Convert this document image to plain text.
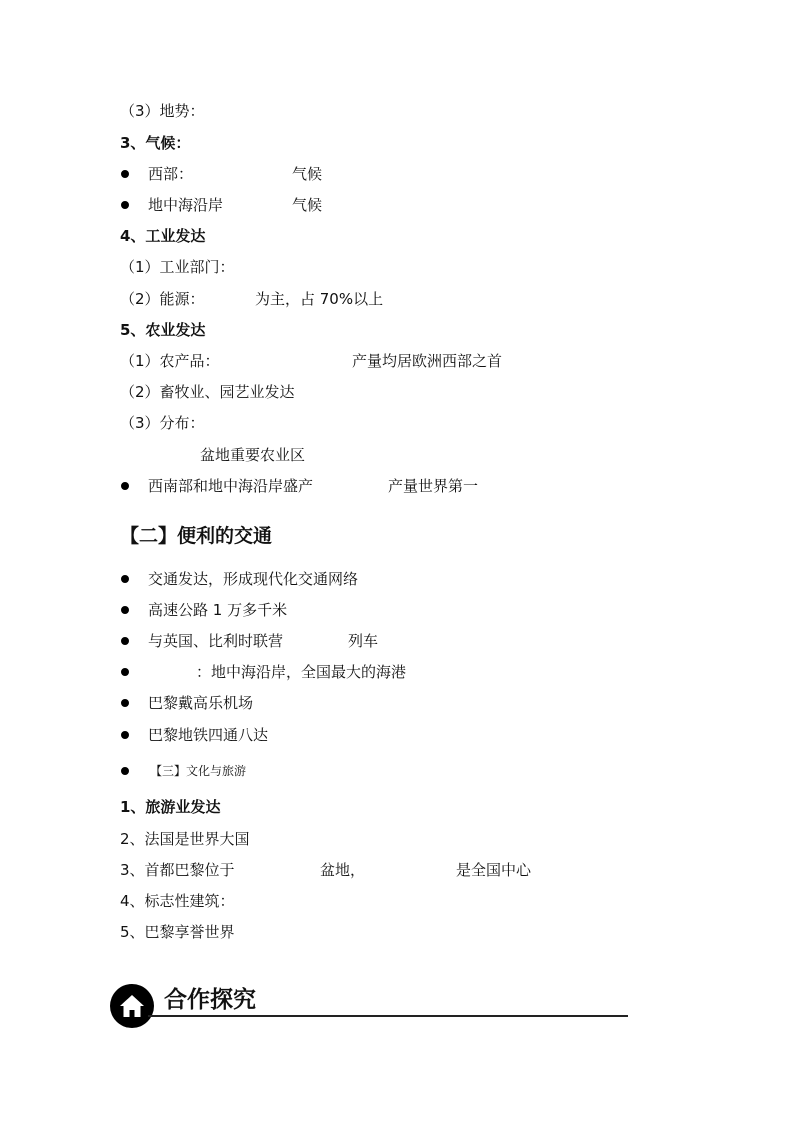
（3）地势：
3、气候：
西部：	气候
地中海沿岸	气候
4、工业发达
（1）工业部门：
（2）能源：	为主，占 70%以上
5、农业发达
（1）农产品：	产量均居欧洲西部之首
（2）畜牧业、园艺业发达
（3）分布：
盆地重要农业区
西南部和地中海沿岸盛产	产量世界第一
【二】便利的交通
交通发达，形成现代化交通网络
高速公路 1 万多千米
与英国、比利时联营	列车
：地中海沿岸，全国最大的海港
巴黎戴高乐机场
巴黎地铁四通八达
【三】文化与旅游
1、旅游业发达
2、法国是世界大国
3、首都巴黎位于	盆地，	是全国中心
4、标志性建筑：
5、巴黎享誉世界
合作探究
